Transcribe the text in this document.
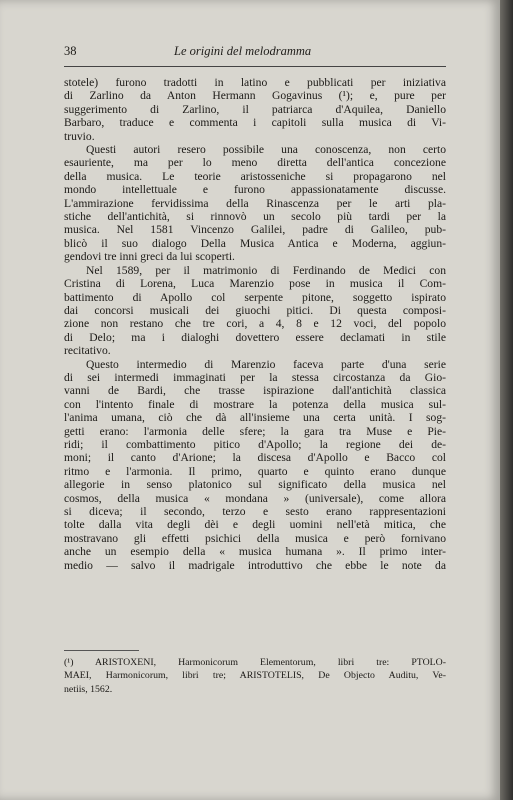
38	Le origini del melodramma
stotele) furono tradotti in latino e pubblicati per iniziativa
di Zarlino da Anton Hermann Gogavinus (¹); e, pure per
suggerimento di Zarlino, il patriarca d'Aquilea, Daniello
Barbaro, traduce e commenta i capitoli sulla musica di Vi-
truvio.
Questi autori resero possibile una conoscenza, non certo
esauriente, ma per lo meno diretta dell'antica concezione
della musica. Le teorie aristosseniche si propagarono nel
mondo intellettuale e furono appassionatamente discusse.
L'ammirazione fervidissima della Rinascenza per le arti pla-
stiche dell'antichità, si rinnovò un secolo più tardi per la
musica. Nel 1581 Vincenzo Galilei, padre di Galileo, pub-
blicò il suo dialogo Della Musica Antica e Moderna, aggiun-
gendovi tre inni greci da lui scoperti.
Nel 1589, per il matrimonio di Ferdinando de Medici con
Cristina di Lorena, Luca Marenzio pose in musica il Com-
battimento di Apollo col serpente pitone, soggetto ispirato
dai concorsi musicali dei giuochi pitici. Di questa composi-
zione non restano che tre cori, a 4, 8 e 12 voci, del popolo
di Delo; ma i dialoghi dovettero essere declamati in stile
recitativo.
Questo intermedio di Marenzio faceva parte d'una serie
di sei intermedi immaginati per la stessa circostanza da Gio-
vanni de Bardi, che trasse ispirazione dall'antichità classica
con l'intento finale di mostrare la potenza della musica sul-
l'anima umana, ciò che dà all'insieme una certa unità. I sog-
getti erano: l'armonia delle sfere; la gara tra Muse e Pie-
ridi; il combattimento pitico d'Apollo; la regione dei de-
moni; il canto d'Arione; la discesa d'Apollo e Bacco col
ritmo e l'armonia. Il primo, quarto e quinto erano dunque
allegorie in senso platonico sul significato della musica nel
cosmos, della musica « mondana » (universale), come allora
si diceva; il secondo, terzo e sesto erano rappresentazioni
tolte dalla vita degli dèi e degli uomini nell'età mitica, che
mostravano gli effetti psichici della musica e però fornivano
anche un esempio della « musica humana ». Il primo inter-
medio — salvo il madrigale introduttivo che ebbe le note da
(¹) ARISTOXENI, Harmonicorum Elementorum, libri tre: PTOLO-
MAEI, Harmonicorum, libri tre; ARISTOTELIS, De Objecto Auditu, Ve-
netiis, 1562.
